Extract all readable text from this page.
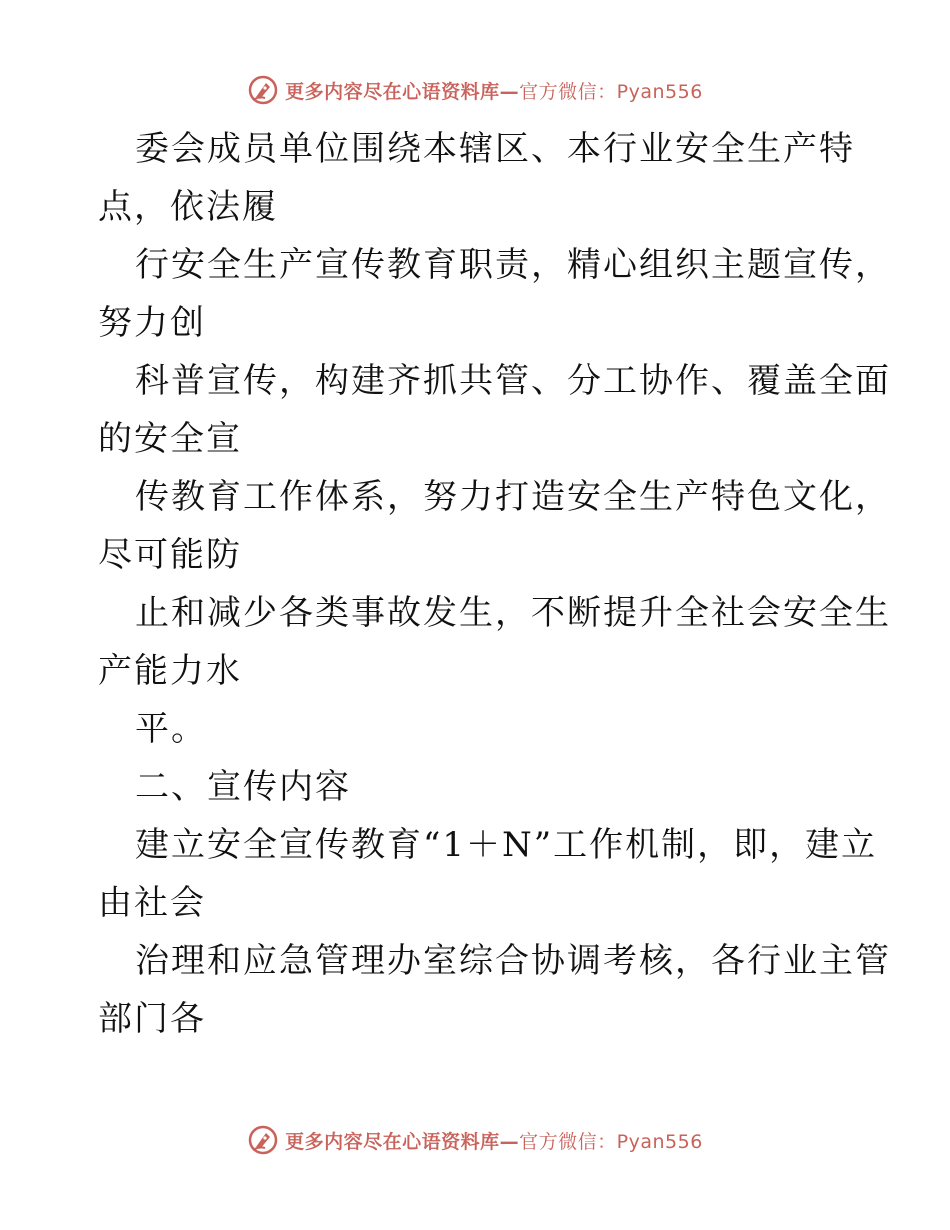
更多内容尽在心语资料库—官方微信：Pyan556
委会成员单位围绕本辖区、本行业安全生产特
点，依法履
行安全生产宣传教育职责，精心组织主题宣传，
努力创
科普宣传，构建齐抓共管、分工协作、覆盖全面
的安全宣
传教育工作体系，努力打造安全生产特色文化，
尽可能防
止和减少各类事故发生，不断提升全社会安全生
产能力水
平。
二、宣传内容
建立安全宣传教育“1＋N”工作机制，即，建立
由社会
治理和应急管理办室综合协调考核，各行业主管
部门各
更多内容尽在心语资料库—官方微信：Pyan556
